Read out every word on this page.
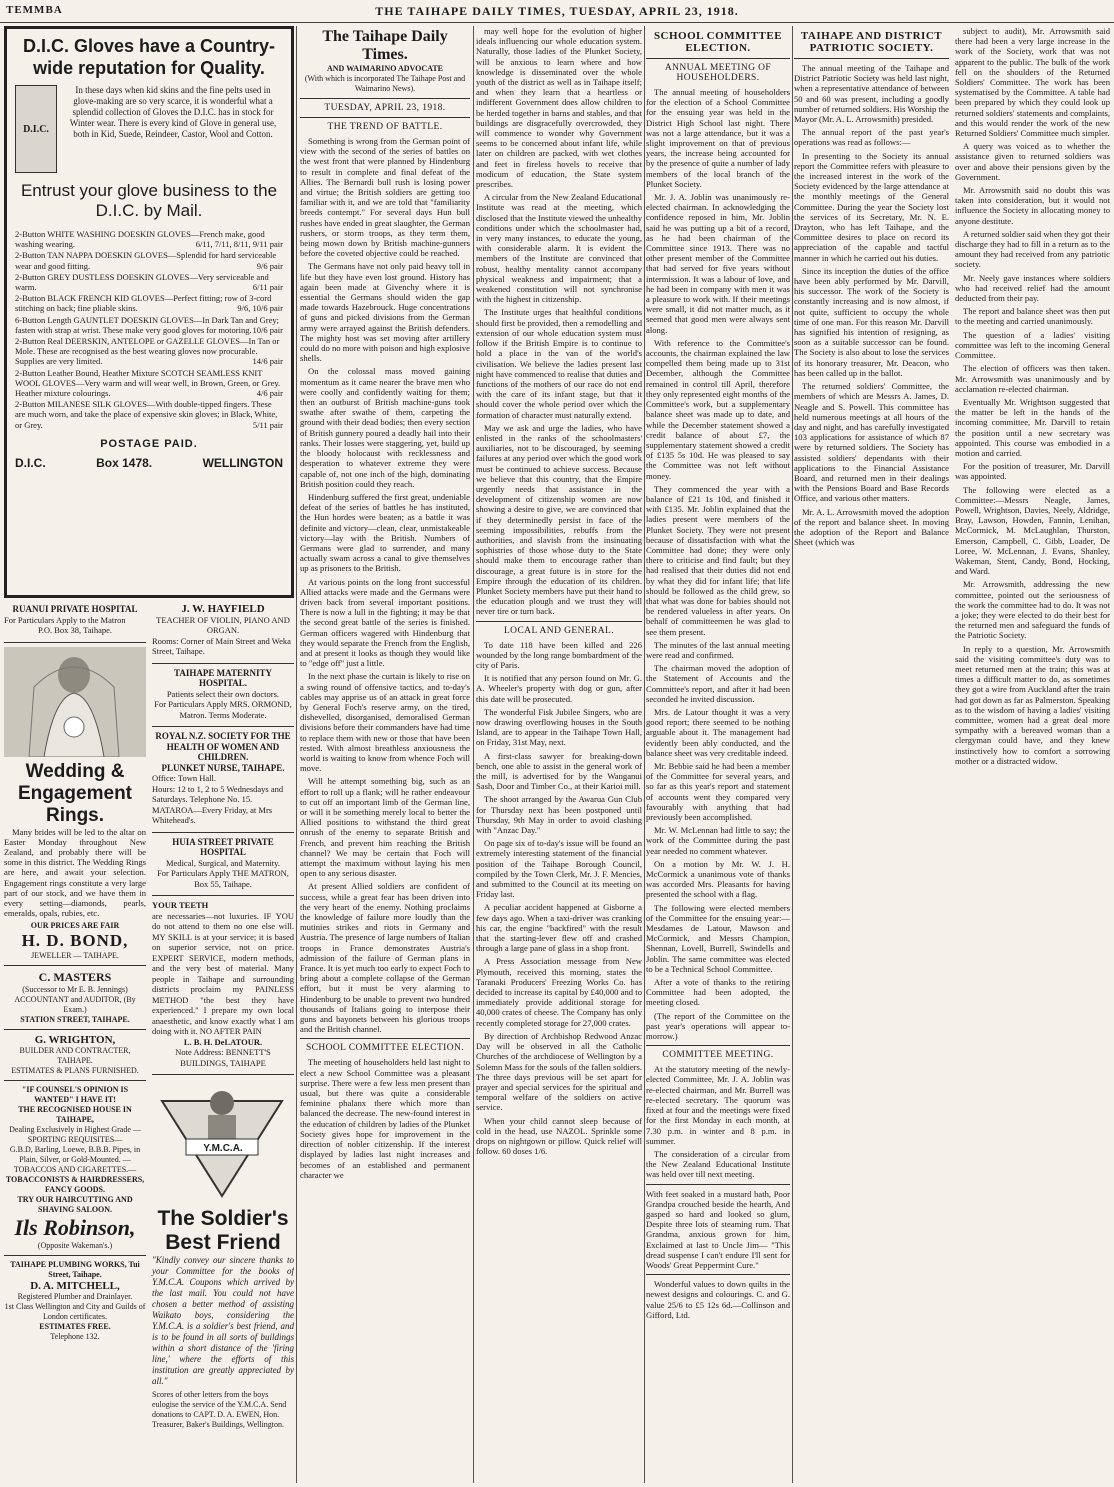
TEMMBA	THE TAIHAPE DAILY TIMES, TUESDAY, APRIL 23, 1918.
D.I.C. Gloves have a Country-wide reputation for Quality.
D.I.C.
In these days when kid skins and the fine pelts used in glove-making are so very scarce, it is wonderful what a splendid collection of Gloves the D.I.C. has in stock for Winter wear. There is every kind of Glove in general use, both in Kid, Suede, Reindeer, Castor, Wool and Cotton.
Entrust your glove business to the D.I.C. by Mail.
2-Button WHITE WASHING DOESKIN GLOVES—French make, good washing wearing.	6/11, 7/11, 8/11, 9/11 pair
2-Button TAN NAPPA DOESKIN GLOVES—Splendid for hard serviceable wear and good fitting.	9/6 pair
2-Button GREY DUSTLESS DOESKIN GLOVES—Very serviceable and warm.	6/11 pair
2-Button BLACK FRENCH KID GLOVES—Perfect fitting; row of 3-cord stitching on back; fine pliable skins.	9/6, 10/6 pair
6-Button Length GAUNTLET DOESKIN GLOVES—In Dark Tan and Grey; fasten with strap at wrist. These make very good gloves for motoring. 10/6 pair
2-Button Real DEERSKIN, ANTELOPE or GAZELLE GLOVES—In Tan or Mole. These are recognised as the best wearing gloves now procurable. Supplies are very limited.	14/6 pair
2-Button Leather Bound, Heather Mixture SCOTCH SEAMLESS KNIT WOOL GLOVES—Very warm and will wear well, in Brown, Green, or Grey. Heather mixture colourings.	4/6 pair
2-Button MILANESE SILK GLOVES—With double-tipped fingers. These are much worn, and take the place of expensive skin gloves; in Black, White, or Grey.	5/11 pair
POSTAGE PAID.
D.I.C.	Box 1478.	WELLINGTON
RUANUI PRIVATE HOSPITAL
For Particulars Apply to the Matron
P.O. Box 38, Taihape.
Wedding & Engagement Rings.
Many brides will be led to the altar on Easter Monday throughout New Zealand, and probably there will be some in this district. The Wedding Rings are here, and await your selection. Engagement rings constitute a very large part of our stock, and we have them in every setting—diamonds, pearls, emeralds, opals, rubies, etc.
OUR PRICES ARE FAIR
H. D. BOND,
JEWELLER — TAIHAPE.
C. MASTERS
(Successor to Mr E. B. Jennings)
ACCOUNTANT and AUDITOR, (By Exam.)
STATION STREET, TAIHAPE.
G. WRIGHTON,
BUILDER AND CONTRACTER, TAIHAPE.
ESTIMATES & PLANS FURNISHED.
"IF COUNSEL'S OPINION IS WANTED" I HAVE IT!
THE RECOGNISED HOUSE IN TAIHAPE,
Dealing Exclusively in Highest Grade —SPORTING REQUISITES—
G.B.D, Barling, Loewe, B.B.B. Pipes, in Plain, Silver, or Gold-Mounted. —TOBACCOS AND CIGARETTES.—
TOBACCONISTS & HAIRDRESSERS, FANCY GOODS.
TRY OUR HAIRCUTTING AND SHAVING SALOON.
Ils Robinson,
(Opposite Wakeman's.)
TAIHAPE PLUMBING WORKS, Tui Street, Taihape.
D. A. MITCHELL,
Registered Plumber and Drainlayer.
1st Class Wellington and City and Guilds of London certificates.
ESTIMATES FREE.
Telephone 132.
J. W. HAYFIELD
TEACHER OF VIOLIN, PIANO AND ORGAN.
Rooms: Corner of Main Street and Weka Street, Taihape.
TAIHAPE MATERNITY HOSPITAL.
Patients select their own doctors.
For Particulars Apply MRS. ORMOND, Matron. Terms Moderate.
ROYAL N.Z. SOCIETY FOR THE HEALTH OF WOMEN AND CHILDREN.
PLUNKET NURSE, TAIHAPE.
Office: Town Hall.
Hours: 12 to 1, 2 to 5 Wednesdays and Saturdays. Telephone No. 15.
MATAROA—Every Friday, at Mrs Whitehead's.
HUIA STREET PRIVATE HOSPITAL
Medical, Surgical, and Maternity.
For Particulars Apply THE MATRON, Box 55, Taihape.
YOUR TEETH
are necessaries—not luxuries. IF YOU do not attend to them no one else will. MY SKILL is at your service; it is based on superior service, not on price. EXPERT SERVICE, modern methods, and the very best of material. Many people in Taihape and surrounding districts proclaim my PAINLESS METHOD "the best they have experienced." I prepare my own local anaesthetic, and know exactly what I am doing with it. NO AFTER PAIN
L. B. H. DeLATOUR.
Note Address: BENNETT'S BUILDINGS, TAIHAPE
Y.M.C.A.
The Soldier's Best Friend
"Kindly convey our sincere thanks to your Committee for the books of Y.M.C.A. Coupons which arrived by the last mail. You could not have chosen a better method of assisting Waikato boys, considering the Y.M.C.A. is a soldier's best friend, and is to be found in all sorts of buildings within a short distance of the 'firing line,' where the efforts of this institution are greatly appreciated by all."
Scores of other letters from the boys eulogise the service of the Y.M.C.A. Send donations to CAPT. D. A. EWEN, Hon. Treasurer, Baker's Buildings, Wellington.
The Taihape Daily Times.
AND WAIMARINO ADVOCATE
(With which is incorporated The Taihape Post and Waimarino News).
TUESDAY, APRIL 23, 1918.
THE TREND OF BATTLE.

Something is wrong from the German point of view with the second of the series of battles on the west front that were planned by Hindenburg to result in complete and final defeat of the Allies. The Bernardi bull rush is losing power and virtue; the British soldiers are getting too familiar with it, and we are told that "familiarity breeds contempt." For several days Hun bull rushes have ended in great slaughter, the German rushers, or storm troops, as they term them, being mown down by British machine-gunners before the coveted objective could be reached.

The Germans have not only paid heavy toll in life but they have even lost ground. History has again been made at Givenchy where it is essential the Germans should widen the gap made towards Hazebrouck. Huge concentrations of guns and picked divisions from the German army were arrayed against the British defenders. The mighty host was set moving after artillery could do no more with poison and high explosive shells.

On the colossal mass moved gaining momentum as it came nearer the brave men who were coolly and confidently waiting for them; then an outburst of British machine-guns took swathe after swathe of them, carpeting the ground with their dead bodies; then every section of British gunnery poured a deadly hail into their ranks. Their losses were staggering, yet, build up the bloody holocaust with recklessness and desperation to whatever extreme they were capable of, not one inch of the high, dominating British position could they reach.

Hindenburg suffered the first great, undeniable defeat of the series of battles he has instituted, the Hun hordes were beaten; as a battle it was definite and victory—clean, clear, unmistakeable victory—lay with the British. Numbers of Germans were glad to surrender, and many actually swam across a canal to give themselves up as prisoners to the British.

At various points on the long front successful Allied attacks were made and the Germans were driven back from several important positions. There is now a lull in the fighting; it may be that the second great battle of the series is finished. German officers wagered with Hindenburg that they would separate the French from the English, and at present it looks as though they would like to "edge off" just a little.

In the next phase the curtain is likely to rise on a swing round of offensive tactics, and to-day's cables may apprise us of an attack in great force by General Foch's reserve army, on the tired, dishevelled, disorganised, demoralised German divisions before their commanders have had time to replace them with new or those that have been rested. With almost breathless anxiousness the world is waiting to know from whence Foch will move.

Will he attempt something big, such as an effort to roll up a flank; will he rather endeavour to cut off an important limb of the German line, or will it be something merely local to better the Allied positions to withstand the third great onrush of the enemy to separate British and French, and prevent him reaching the British channel? We may be certain that Foch will attempt the maximum without laying his men open to any serious disaster.

At present Allied soldiers are confident of success, while a great fear has been driven into the very heart of the enemy. Nothing proclaims the knowledge of failure more loudly than the mutinies strikes and riots in Germany and Austria. The presence of large numbers of Italian troops in France demonstrates Austria's admission of the failure of German plans in France. It is yet much too early to expect Foch to bring about a complete collapse of the German effort, but it must be very alarming to Hindenburg to be unable to prevent two hundred thousands of Italians going to interpose their guns and bayonets between his glorious troops and the British channel.

SCHOOL COMMITTEE ELECTION.

The meeting of householders held last night to elect a new School Committee was a pleasant surprise. There were a few less men present than usual, but there was quite a considerable feminine phalanx there which more than balanced the decrease. The new-found interest in the education of children by ladies of the Plunket Society gives hope for improvement in the direction of nobler citizenship. If the interest displayed by ladies last night increases and becomes of an established and permanent character we

may well hope for the evolution of higher ideals influencing our whole education system. Naturally, those ladies of the Plunket Society, will be anxious to learn where and how knowledge is disseminated over the whole youth of the district as well as in Taihape itself; and when they learn that a heartless or indifferent Government does allow children to be herded together in barns and stables, and that buildings are disgracefully overcrowded, they will commence to wonder why Government seems to be concerned about infant life, while later on children are packed, with wet clothes and feet in fireless hovels to receive that modicum of education, the State system prescribes.

A circular from the New Zealand Educational Institute was read at the meeting, which disclosed that the Institute viewed the unhealthy conditions under which the schoolmaster had, in very many instances, to educate the young, with considerable alarm. It is evident the members of the Institute are convinced that robust, healthy mentality cannot accompany physical weakness and impairment; that a weakened constitution will not synchronise with the highest in citizenship.

The Institute urges that healthful conditions should first be provided, then a remodelling and extension of our whole education system must follow if the British Empire is to continue to hold a place in the van of the world's civilisation. We believe the ladies present last night have commenced to realise that duties and functions of the mothers of our race do not end with the care of its infant stage, but that it should cover the whole period over which the formation of character must naturally extend.

May we ask and urge the ladies, who have enlisted in the ranks of the schoolmasters' auxiliaries, not to be discouraged, by seeming failures at any period over which the good work must be continued to achieve success. Because we believe that this country, that the Empire urgently needs that assistance in the development of citizenship women are now showing a desire to give, we are convinced that if they determinedly persist in face of the seeming impossibilities, rebuffs from the authorities, and slavish from the insinuating sophistries of those whose duty to the State should make them to encourage rather than discourage, a great future is in store for the Empire through the education of its children. Plunket Society members have put their hand to the education plough and we trust they will never tire or turn back.

LOCAL AND GENERAL.

To date 118 have been killed and 226 wounded by the long range bombardment of the city of Paris.

It is notified that any person found on Mr. G. A. Wheeler's property with dog or gun, after this date will be prosecuted.

The wonderful Fisk Jubilee Singers, who are now drawing overflowing houses in the South Island, are to appear in the Taihape Town Hall, on Friday, 31st May, next.

A first-class sawyer for breaking-down bench, one able to assist in the general work of the mill, is advertised for by the Wanganui Sash, Door and Timber Co., at their Karioi mill.

The shoot arranged by the Awarua Gun Club for Thursday next has been postponed until Thursday, 9th May in order to avoid clashing with "Anzac Day."

On page six of to-day's issue will be found an extremely interesting statement of the financial position of the Taihape Borough Council, compiled by the Town Clerk, Mr. J. F. Mencies, and submitted to the Council at its meeting on Friday last.

A peculiar accident happened at Gisborne a few days ago. When a taxi-driver was cranking his car, the engine "backfired" with the result that the starting-lever flew off and crashed through a large pane of glass in a shop front.

A Press Association message from New Plymouth, received this morning, states the Taranaki Producers' Freezing Works Co. has decided to increase its capital by £40,000 and to immediately provide additional storage for 40,000 crates of cheese. The Company has only recently completed storage for 27,000 crates.

By direction of Archbishop Redwood Anzac Day will be observed in all the Catholic Churches of the archdiocese of Wellington by a Solemn Mass for the souls of the fallen soldiers. The three days previous will be set apart for prayer and special services for the spiritual and temporal welfare of the soldiers on active service.

When your child cannot sleep because of cold in the head, use NAZOL. Sprinkle some drops on nightgown or pillow. Quick relief will follow. 60 doses 1/6.

SCHOOL COMMITTEE ELECTION.
ANNUAL MEETING OF HOUSEHOLDERS.

The annual meeting of householders for the election of a School Committee for the ensuing year was held in the District High School last night. There was not a large attendance, but it was a slight improvement on that of previous years, the increase being accounted for by the presence of quite a number of lady members of the local branch of the Plunket Society.

Mr. J. A. Joblin was unanimously re-elected chairman. In acknowledging the confidence reposed in him, Mr. Joblin said he was putting up a bit of a record, as he had been chairman of the Committee since 1913. There was no other present member of the Committee that had served for five years without intermission. It was a labour of love, and he had been in company with men it was a pleasure to work with. If their meetings were small, it did not matter much, as it seemed that good men were always sent along.

With reference to the Committee's accounts, the chairman explained the law compelled them being made up to 31st December, although the Committee remained in control till April, therefore they only represented eight months of the Committee's work, but a supplementary balance sheet was made up to date, and while the December statement showed a credit balance of about £7, the supplementary statement showed a credit of £135 5s 10d. He was pleased to say the Committee was not left without money.

They commenced the year with a balance of £21 1s 10d, and finished it with £135. Mr. Joblin explained that the ladies present were members of the Plunket Society. They were not present because of dissatisfaction with what the Committee had done; they were only there to criticise and find fault; but they had realised that their duties did not end by what they did for infant life; that life should be followed as the child grew, so that what was done for babies should not be rendered valueless in after years. On behalf of committeemen he was glad to see them present.

The minutes of the last annual meeting were read and confirmed.

The chairman moved the adoption of the Statement of Accounts and the Committee's report, and after it had been seconded he invited discussion.

Mrs. de Latour thought it was a very good report; there seemed to be nothing arguable about it. The management had evidently been ably conducted, and the balance sheet was very creditable indeed.

Mr. Bebbie said he had been a member of the Committee for several years, and so far as this year's report and statement of accounts went they compared very favourably with anything that had previously been accomplished.

Mr. W. McLennan had little to say; the work of the Committee during the past year needed no comment whatever.

On a motion by Mr. W. J. H. McCormick a unanimous vote of thanks was accorded Mrs. Pleasants for having presented the school with a flag.

The following were elected members of the Committee for the ensuing year:—Mesdames de Latour, Mawson and McCormick, and Messrs Champion, Shennan, Lovell, Burrell, Swindells and Joblin. The same committee was elected to be a Technical School Committee.

After a vote of thanks to the retiring Committee had been adopted, the meeting closed.

(The report of the Committee on the past year's operations will appear to-morrow.)

COMMITTEE MEETING.

At the statutory meeting of the newly-elected Committee, Mr. J. A. Joblin was re-elected chairman, and Mr. Burrell was re-elected secretary. The quorum was fixed at four and the meetings were fixed for the first Monday in each month, at 7.30 p.m. in winter and 8 p.m. in summer.

The consideration of a circular from the New Zealand Educational Institute was held over till next meeting.

With feet soaked in a mustard bath, Poor Grandpa crouched beside the hearth, And gasped so hard and looked so glum, Despite three lots of steaming rum. That Grandma, anxious grown for him, Exclaimed at last to Uncle Jim— "This dread suspense I can't endure I'll sent for Woods' Great Peppermint Cure."

Wonderful values to down quilts in the newest designs and colourings. C. and G. value 25/6 to £5 12s 6d.—Collinson and Gifford, Ltd.

TAIHAPE AND DISTRICT PATRIOTIC SOCIETY.

The annual meeting of the Taihape and District Patriotic Society was held last night, when a representative attendance of between 50 and 60 was present, including a goodly number of returned soldiers. His Worship the Mayor (Mr. A. L. Arrowsmith) presided.

The annual report of the past year's operations was read as follows:—

In presenting to the Society its annual report the Committee refers with pleasure to the increased interest in the work of the Society evidenced by the large attendance at the monthly meetings of the General Committee. During the year the Society lost the services of its Secretary, Mr. N. E. Drayton, who has left Taihape, and the Committee desires to place on record its appreciation of the capable and tactful manner in which he carried out his duties.

Since its inception the duties of the office have been ably performed by Mr. Darvill, his successor. The work of the Society is constantly increasing and is now almost, if not quite, sufficient to occupy the whole time of one man. For this reason Mr. Darvill has signified his intention of resigning, as soon as a suitable successor can be found. The Society is also about to lose the services of its honorary treasurer, Mr. Deacon, who has been called up in the ballot.

The returned soldiers' Committee, the members of which are Messrs A. James, D. Neagle and S. Powell. This committee has held numerous meetings at all hours of the day and night, and has carefully investigated 103 applications for assistance of which 87 were by returned soldiers. The Society has assisted soldiers' dependants with their applications to the Financial Assistance Board, and returned men in their dealings with the Pensions Board and Base Records Office, and various other matters.

Mr. A. L. Arrowsmith moved the adoption of the report and balance sheet. In moving the adoption of the Report and Balance Sheet (which was

subject to audit), Mr. Arrowsmith said there had been a very large increase in the work of the Society, work that was not apparent to the public. The bulk of the work fell on the shoulders of the Returned Soldiers' Committee. The work has been systematised by the Committee. A table had been prepared by which they could look up returned soldiers' statements and complaints, and this would render the work of the new Returned Soldiers' Committee much simpler.

A query was voiced as to whether the assistance given to returned soldiers was over and above their pensions given by the Government.

Mr. Arrowsmith said no doubt this was taken into consideration, but it would not influence the Society in allocating money to anyone destitute.

A returned soldier said when they got their discharge they had to fill in a return as to the amount they had received from any patriotic society.

Mr. Neely gave instances where soldiers who had received relief had the amount deducted from their pay.

The report and balance sheet was then put to the meeting and carried unanimously.

The question of a ladies' visiting committee was left to the incoming General Committee.

The election of officers was then taken. Mr. Arrowsmith was unanimously and by acclamation re-elected chairman.

Eventually Mr. Wrightson suggested that the matter be left in the hands of the incoming committee, Mr. Darvill to retain the position until a new secretary was appointed. This course was embodied in a motion and carried.

For the position of treasurer, Mr. Darvill was appointed.

The following were elected as a Committee:—Messrs Neagle, James, Powell, Wrightson, Davies, Neely, Aldridge, Bray, Lawson, Howden, Fannin, Lenihan, McCormick, M. McLaughlan, Thurston, Emerson, Campbell, C. Gibb, Loader, De Loree, W. McLennan, J. Evans, Shanley, Wakeman, Stent, Candy, Bond, Hocking, and Ward.

Mr. Arrowsmith, addressing the new committee, pointed out the seriousness of the work the committee had to do. It was not a joke; they were elected to do their best for the returned men and safeguard the funds of the Patriotic Society.

In reply to a question, Mr. Arrowsmith said the visiting committee's duty was to meet returned men at the train; this was at times a difficult matter to do, as sometimes they got a wire from Auckland after the train had got down as far as Palmerston. Speaking as to the wisdom of having a ladies' visiting committee, women had a great deal more sympathy with a bereaved woman than a clergyman could have, and they knew instinctively how to comfort a sorrowing mother or a distracted widow.
